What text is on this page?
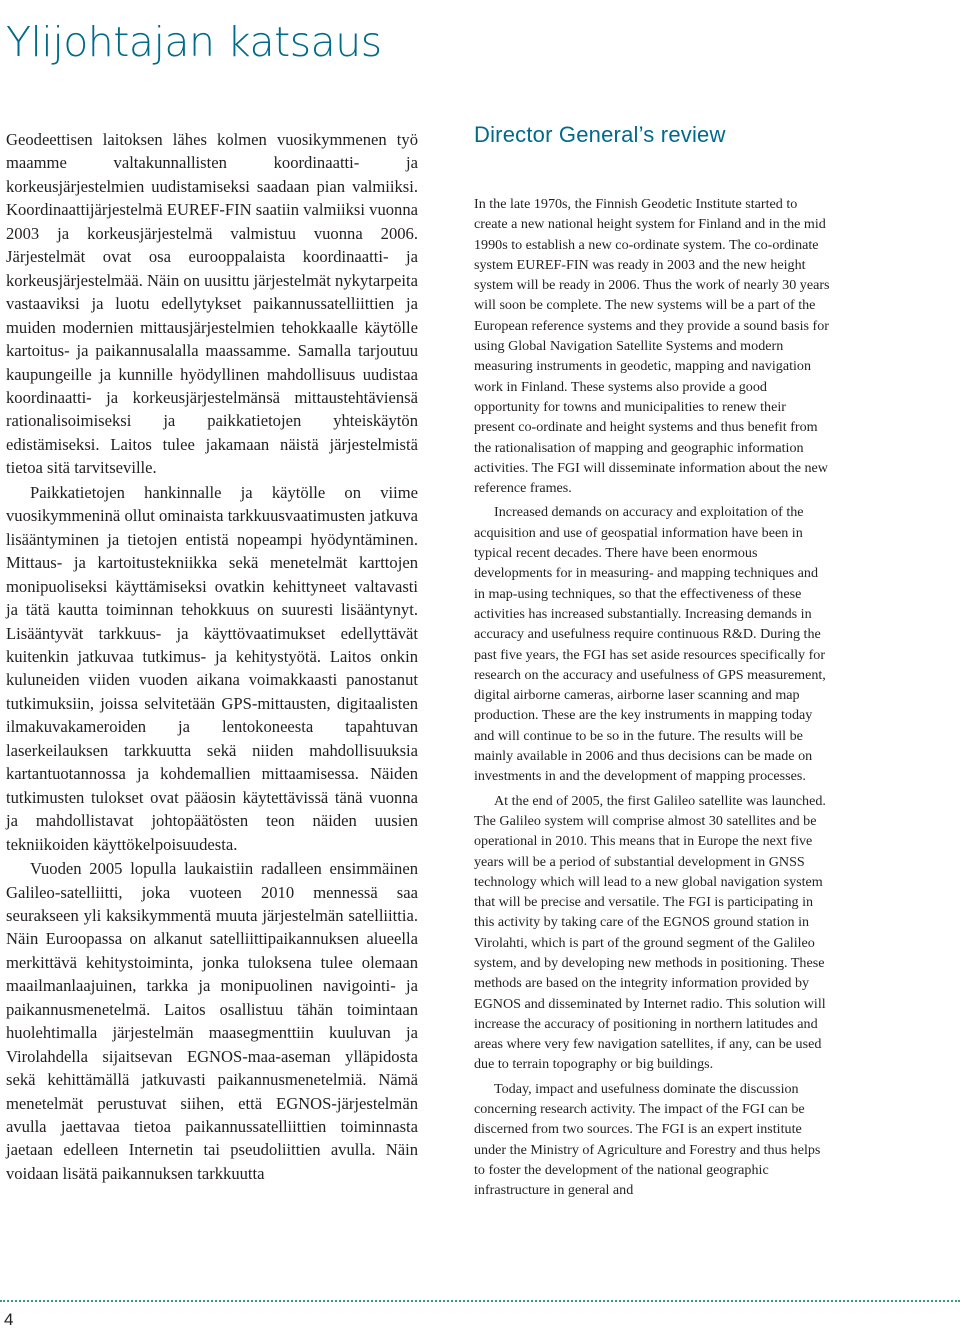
Ylijohtajan katsaus

Geodeettisen laitoksen lähes kolmen vuosikymmenen työ maamme valtakunnallisten koordinaatti- ja korkeusjärjestelmien uudistamiseksi saadaan pian valmiiksi. Koordinaattijärjestelmä EUREF-FIN saatiin valmiiksi vuonna 2003 ja korkeusjärjestelmä valmistuu vuonna 2006. Järjestelmät ovat osa eurooppalaista koordinaatti- ja korkeusjärjestelmää. Näin on uusittu järjestelmät nykytarpeita vastaaviksi ja luotu edellytykset paikannussatelliittien ja muiden modernien mittausjärjestelmien tehokkaalle käytölle kartoitus- ja paikannusalalla maassamme. Samalla tarjoutuu kaupungeille ja kunnille hyödyllinen mahdollisuus uudistaa koordinaatti- ja korkeusjärjestelmänsä mittaustehtäviensä rationalisoimiseksi ja paikkatietojen yhteiskäytön edistämiseksi. Laitos tulee jakamaan näistä järjestelmistä tietoa sitä tarvitseville.

Paikkatietojen hankinnalle ja käytölle on viime vuosikymmeninä ollut ominaista tarkkuusvaatimusten jatkuva lisääntyminen ja tietojen entistä nopeampi hyödyntäminen. Mittaus- ja kartoitustekniikka sekä menetelmät karttojen monipuoliseksi käyttämiseksi ovatkin kehittyneet valtavasti ja tätä kautta toiminnan tehokkuus on suuresti lisääntynyt. Lisääntyvät tarkkuus- ja käyttövaatimukset edellyttävät kuitenkin jatkuvaa tutkimus- ja kehitystyötä. Laitos onkin kuluneiden viiden vuoden aikana voimakkaasti panostanut tutkimuksiin, joissa selvitetään GPS-mittausten, digitaalisten ilmakuvakameroiden ja lentokoneesta tapahtuvan laserkeilauksen tarkkuutta sekä niiden mahdollisuuksia kartantuotannossa ja kohdemallien mittaamisessa. Näiden tutkimusten tulokset ovat pääosin käytettävissä tänä vuonna ja mahdollistavat johtopäätösten teon näiden uusien tekniikoiden käyttökelpoisuudesta.

Vuoden 2005 lopulla laukaistiin radalleen ensimmäinen Galileo-satelliitti, joka vuoteen 2010 mennessä saa seurakseen yli kaksikymmentä muuta järjestelmän satelliittia. Näin Euroopassa on alkanut satelliittipaikannuksen alueella merkittävä kehitystoiminta, jonka tuloksena tulee olemaan maailmanlaajuinen, tarkka ja monipuolinen navigointi- ja paikannusmenetelmä. Laitos osallistuu tähän toimintaan huolehtimalla järjestelmän maasegmenttiin kuuluvan ja Virolahdella sijaitsevan EGNOS-maa-aseman ylläpidosta sekä kehittämällä jatkuvasti paikannusmenetelmiä. Nämä menetelmät perustuvat siihen, että EGNOS-järjestelmän avulla jaettavaa tietoa paikannussatelliittien toiminnasta jaetaan edelleen Internetin tai pseudoliittien avulla. Näin voidaan lisätä paikannuksen tarkkuutta

Director General’s review

In the late 1970s, the Finnish Geodetic Institute started to create a new national height system for Finland and in the mid 1990s to establish a new co-ordinate system. The co-ordinate system EUREF-FIN was ready in 2003 and the new height system will be ready in 2006. Thus the work of nearly 30 years will soon be complete. The new systems will be a part of the European reference systems and they provide a sound basis for using Global Navigation Satellite Systems and modern measuring instruments in geodetic, mapping and navigation work in Finland. These systems also provide a good opportunity for towns and municipalities to renew their present co-ordinate and height systems and thus benefit from the rationalisation of mapping and geographic information activities. The FGI will disseminate information about the new reference frames.

Increased demands on accuracy and exploitation of the acquisition and use of geospatial information have been in typical recent decades. There have been enormous developments for in measuring- and mapping techniques and in map-using techniques, so that the effectiveness of these activities has increased substantially. Increasing demands in accuracy and usefulness require continuous R&D. During the past five years, the FGI has set aside resources specifically for research on the accuracy and usefulness of GPS measurement, digital airborne cameras, airborne laser scanning and map production. These are the key instruments in mapping today and will continue to be so in the future. The results will be mainly available in 2006 and thus decisions can be made on investments in and the development of mapping processes.

At the end of 2005, the first Galileo satellite was launched. The Galileo system will comprise almost 30 satellites and be operational in 2010. This means that in Europe the next five years will be a period of substantial development in GNSS technology which will lead to a new global navigation system that will be precise and versatile. The FGI is participating in this activity by taking care of the EGNOS ground station in Virolahti, which is part of the ground segment of the Galileo system, and by developing new methods in positioning. These methods are based on the integrity information provided by EGNOS and disseminated by Internet radio. This solution will increase the accuracy of positioning in northern latitudes and areas where very few navigation satellites, if any, can be used due to terrain topography or big buildings.

Today, impact and usefulness dominate the discussion concerning research activity. The impact of the FGI can be discerned from two sources. The FGI is an expert institute under the Ministry of Agriculture and Forestry and thus helps to foster the development of the national geographic infrastructure in general and

4
